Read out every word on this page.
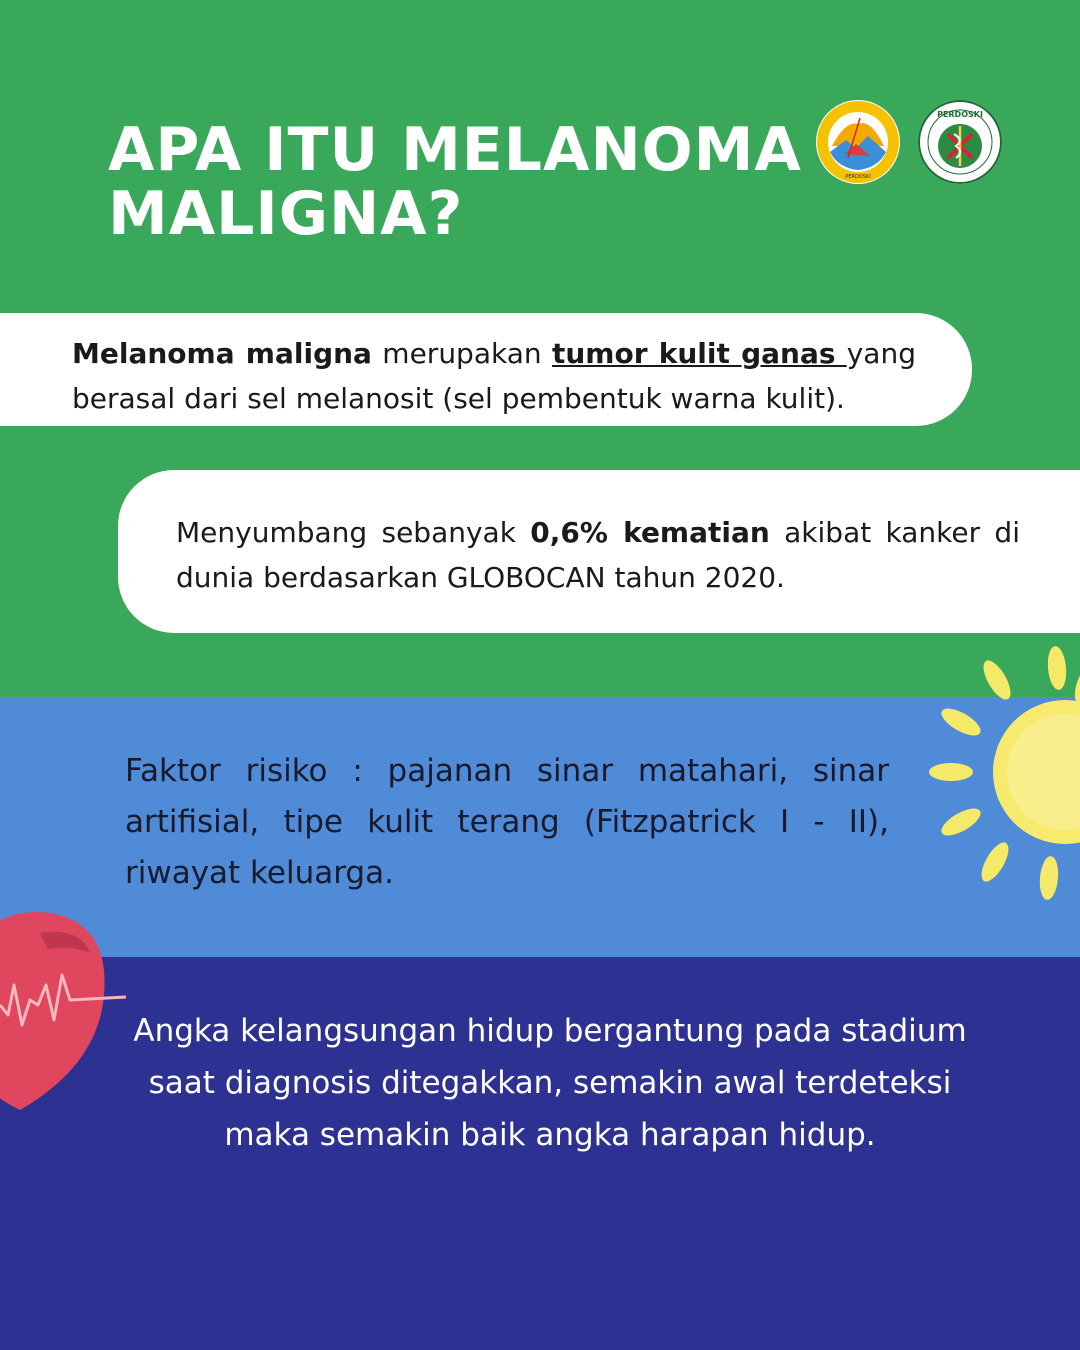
APA ITU MELANOMA
MALIGNA?
PERDOSKI
PERDOSKI

Melanoma maligna merupakan tumor kulit ganas yang berasal dari sel melanosit (sel pembentuk warna kulit).

Menyumbang sebanyak 0,6% kematian akibat kanker di dunia berdasarkan GLOBOCAN tahun 2020.

Faktor risiko : pajanan sinar matahari, sinar artifisial, tipe kulit terang (Fitzpatrick I - II), riwayat keluarga.

Angka kelangsungan hidup bergantung pada stadium
saat diagnosis ditegakkan, semakin awal terdeteksi
maka semakin baik angka harapan hidup.
